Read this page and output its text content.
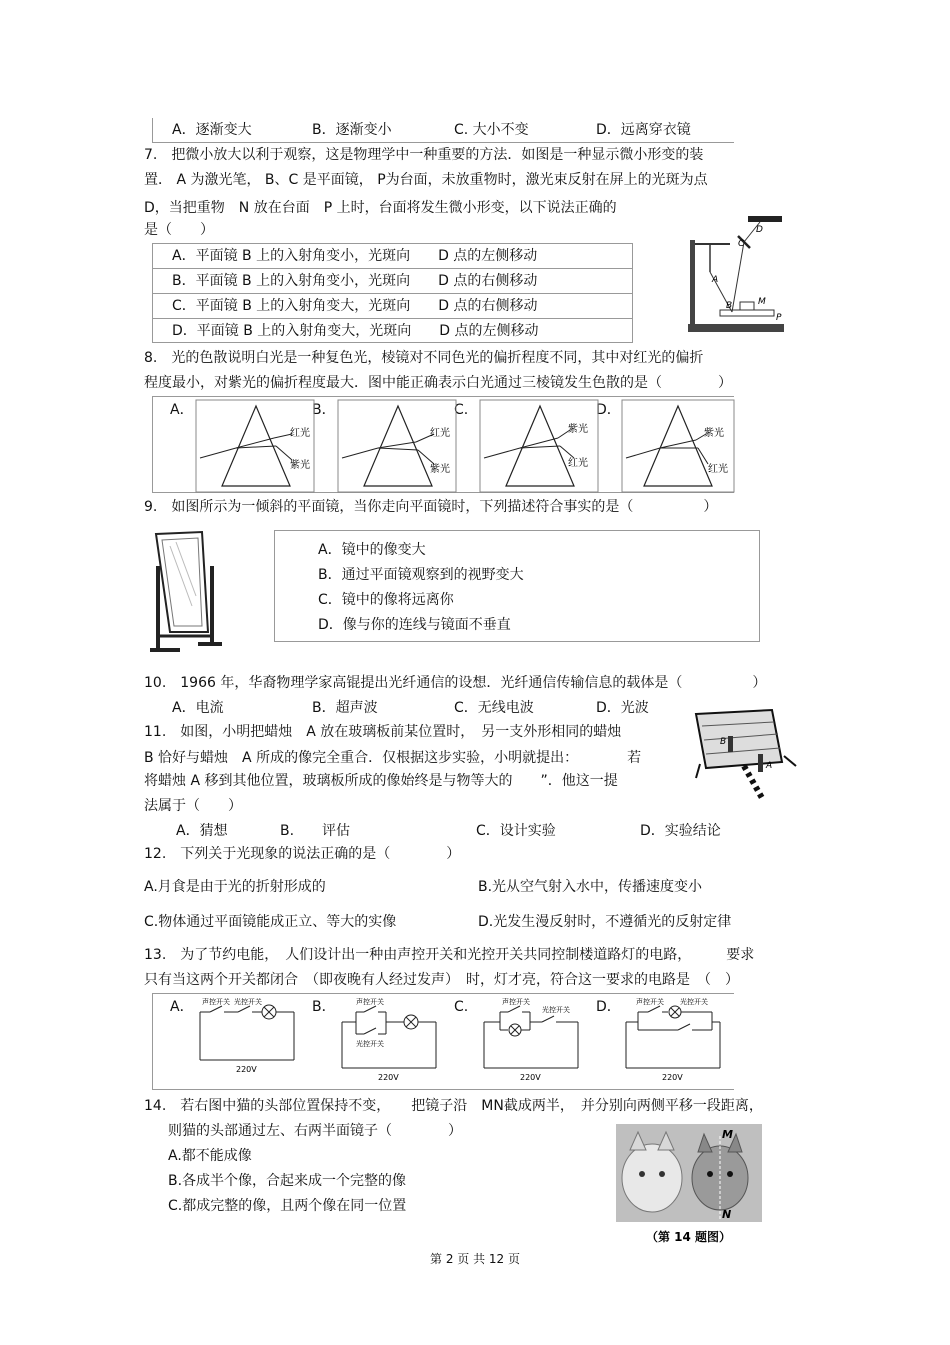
A．逐渐变大	B．逐渐变小	C. 大小不变	D．远离穿衣镜
7.　把微小放大以利于观察，这是物理学中一种重要的方法．如图是一种显示微小形变的装
置． A 为激光笔， B、C 是平面镜， P为台面，未放重物时，激光束反射在屏上的光斑为点
D，当把重物　N 放在台面　P 上时，台面将发生微小形变，以下说法正确的
是（　　）
A．平面镜 B 上的入射角变小，光斑向　　D 点的左侧移动
B．平面镜 B 上的入射角变小，光斑向　　D 点的右侧移动
C．平面镜 B 上的入射角变大，光斑向　　D 点的右侧移动
D．平面镜 B 上的入射角变大，光斑向　　D 点的左侧移动
D
C
A
B	M
P
8.　光的色散说明白光是一种复色光，棱镜对不同色光的偏折程度不同，其中对红光的偏折
程度最小，对紫光的偏折程度最大．图中能正确表示白光通过三棱镜发生色散的是（　　　　）
A．	B．	C.	D．
红光
紫光
红光
紫光
紫光
红光
紫光
红光
9.　如图所示为一倾斜的平面镜，当你走向平面镜时，下列描述符合事实的是（　　　　　）
A．镜中的像变大
B．通过平面镜观察到的视野变大
C．镜中的像将远离你
D．像与你的连线与镜面不垂直
10.　1966 年，华裔物理学家高锟提出光纤通信的设想．光纤通信传输信息的载体是（　　　　　）
A．电流	B．超声波	C．无线电波	D．光波
11.　如图，小明把蜡烛　A 放在玻璃板前某位置时，　另一支外形相同的蜡烛
B 恰好与蜡烛　A 所成的像完全重合．仅根据这步实验，小明就提出：　　　　若
将蜡烛 A 移到其他位置，玻璃板所成的像始终是与物等大的　　”．他这一提
法属于（　　）
B
A
A．猜想	B.　　评估	C．设计实验	D．实验结论
12.　下列关于光现象的说法正确的是（　　　　）
A.月食是由于光的折射形成的	B.光从空气射入水中，传播速度变小
C.物体通过平面镜能成正立、等大的实像	D.光发生漫反射时，不遵循光的反射定律
13.　为了节约电能，　人们设计出一种由声控开关和光控开关共同控制楼道路灯的电路，　　　要求
只有当这两个开关都闭合　（即夜晚有人经过发声）　时，灯才亮，符合这一要求的电路是　（　）
A．	B．	C.	D．
声控开关 光控开关
220V
声控开关
光控开关
220V
声控开关
光控开关
220V
声控开关 光控开关
220V
14.　若右图中猫的头部位置保持不变，　　把镜子沿　MN截成两半，　并分别向两侧平移一段距离，
则猫的头部通过左、右两半面镜子（　　　　）
A.都不能成像
B.各成半个像，合起来成一个完整的像
C.都成完整的像，且两个像在同一位置
M
N
（第 14 题图）
第 2 页 共 12 页
